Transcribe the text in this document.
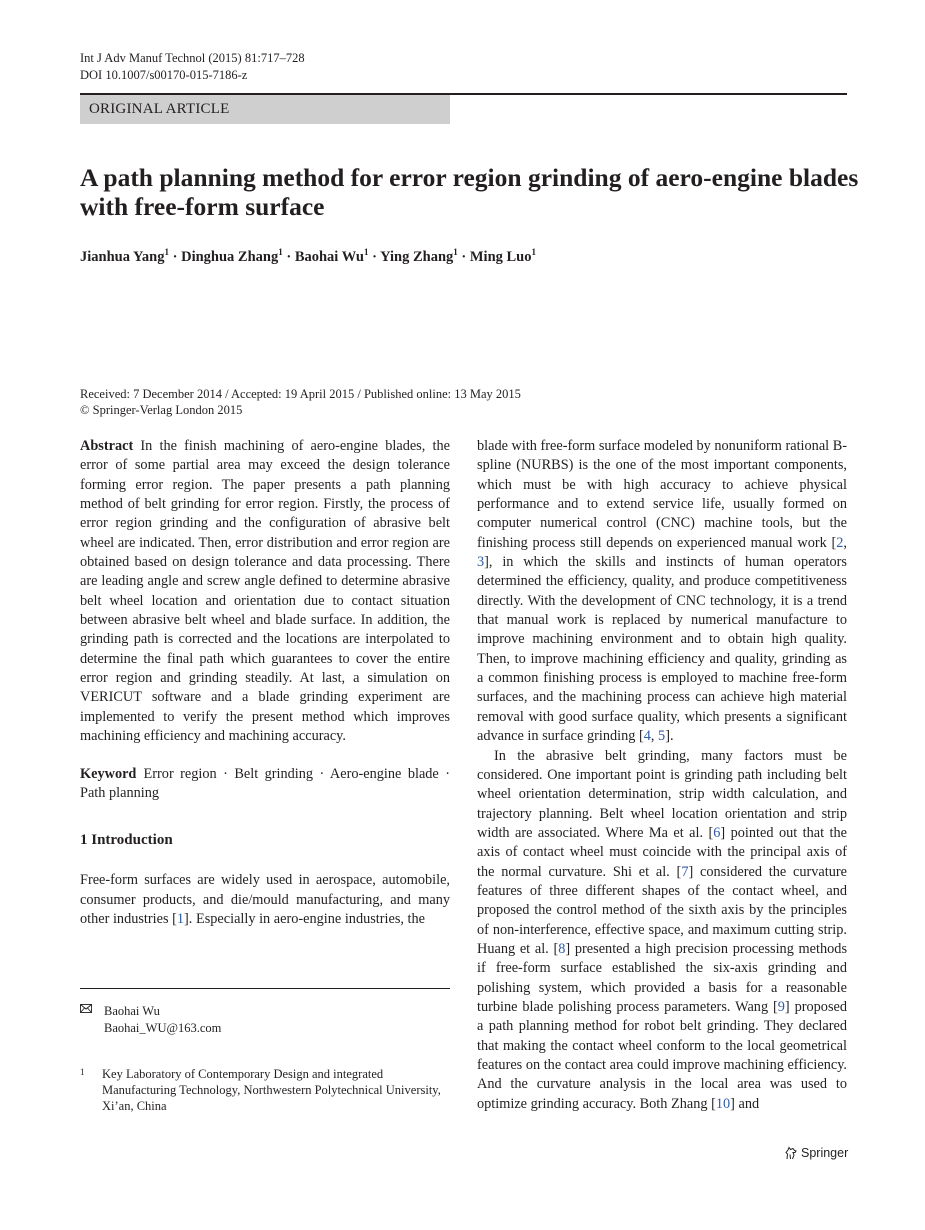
Int J Adv Manuf Technol (2015) 81:717–728
DOI 10.1007/s00170-015-7186-z
ORIGINAL ARTICLE
A path planning method for error region grinding of aero-engine blades with free-form surface
Jianhua Yang$^1$ · Dinghua Zhang$^1$ · Baohai $Wu^1$ · Ying Zhang$^1$ · Ming Luo$^1$
Received: 7 December 2014 / Accepted: 19 April 2015 / Published online: 13 May 2015
© Springer-Verlag London 2015

Abstract  In the finish machining of aero-engine blades, the error of some partial area may exceed the design tolerance forming error region. The paper presents a path planning method of belt grinding for error region. Firstly, the process of error region grinding and the configuration of abrasive belt wheel are indicated. Then, error distribution and error region are obtained based on design tolerance and data processing. There are leading angle and screw angle defined to determine abrasive belt wheel location and orientation due to contact situation between abrasive belt wheel and blade surface. In addition, the grinding path is corrected and the locations are interpolated to determine the final path which guarantees to cover the entire error region and grinding steadily. At last, a simulation on VERICUT software and a blade grinding experiment are implemented to verify the present method which improves machining efficiency and machining accuracy.

Keyword  Error region · Belt grinding · Aero-engine blade · Path planning

1 Introduction

Free-form surfaces are widely used in aerospace, automobile, consumer products, and die/mould manufacturing, and many other industries [1]. Especially in aero-engine industries, the

Baohai Wu
Baohai_WU@163.com
1 Key Laboratory of Contemporary Design and integrated Manufacturing Technology, Northwestern Polytechnical University, Xi’an, China

blade with free-form surface modeled by nonuniform rational B-spline (NURBS) is the one of the most important components, which must be with high accuracy to achieve physical performance and to extend service life, usually formed on computer numerical control (CNC) machine tools, but the finishing process still depends on experienced manual work [2, 3], in which the skills and instincts of human operators determined the efficiency, quality, and produce competitiveness directly. With the development of CNC technology, it is a trend that manual work is replaced by numerical manufacture to improve machining environment and to obtain high quality. Then, to improve machining efficiency and quality, grinding as a common finishing process is employed to machine free-form surfaces, and the machining process can achieve high material removal with good surface quality, which presents a significant advance in surface grinding [4, 5].

In the abrasive belt grinding, many factors must be considered. One important point is grinding path including belt wheel orientation determination, strip width calculation, and trajectory planning. Belt wheel location orientation and strip width are associated. Where Ma et al. [6] pointed out that the axis of contact wheel must coincide with the principal axis of the normal curvature. Shi et al. [7] considered the curvature features of three different shapes of the contact wheel, and proposed the control method of the sixth axis by the principles of non-interference, effective space, and maximum cutting strip. Huang et al. [8] presented a high precision processing methods if free-form surface established the six-axis grinding and polishing system, which provided a basis for a reasonable turbine blade polishing process parameters. Wang [9] proposed a path planning method for robot belt grinding. They declared that making the contact wheel conform to the local geometrical features on the contact area could improve machining efficiency. And the curvature analysis in the local area was used to optimize grinding accuracy. Both Zhang [10] and

Springer
